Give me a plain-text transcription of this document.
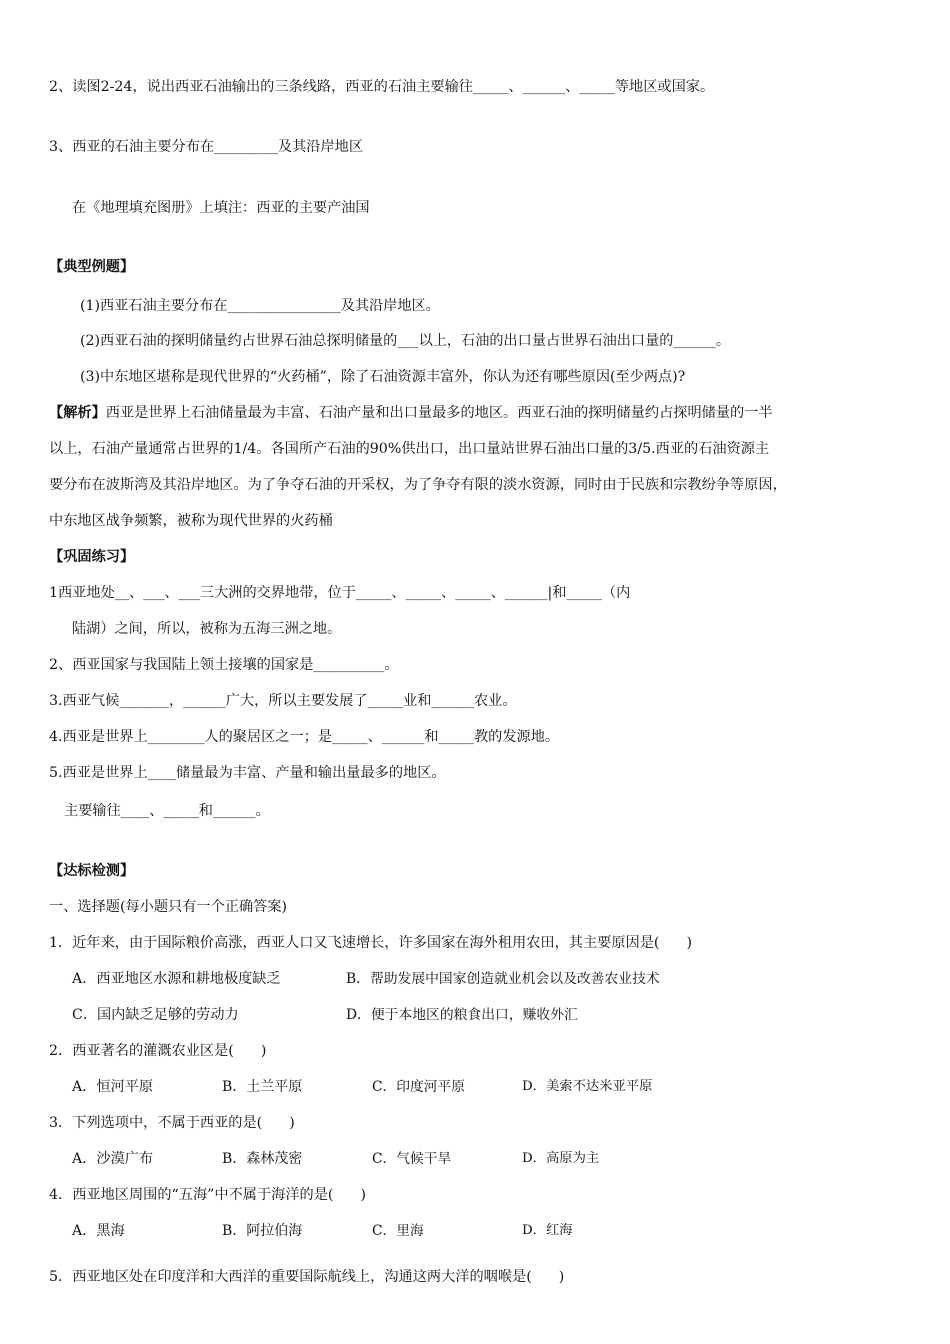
2、读图2-24，说出西亚石油输出的三条线路，西亚的石油主要输往_____、______、_____等地区或国家。
3、西亚的石油主要分布在_________及其沿岸地区
在《地理填充图册》上填注：西亚的主要产油国
【典型例题】
(1)西亚石油主要分布在________________及其沿岸地区。
(2)西亚石油的探明储量约占世界石油总探明储量的___以上，石油的出口量占世界石油出口量的______。
(3)中东地区堪称是现代世界的“火药桶”，除了石油资源丰富外，你认为还有哪些原因(至少两点)?
【解析】西亚是世界上石油储量最为丰富、石油产量和出口量最多的地区。西亚石油的探明储量约占探明储量的一半
以上，石油产量通常占世界的1/4。各国所产石油的90%供出口，出口量站世界石油出口量的3/5.西亚的石油资源主
要分布在波斯湾及其沿岸地区。为了争夺石油的开采权，为了争夺有限的淡水资源，同时由于民族和宗教纷争等原因，
中东地区战争频繁，被称为现代世界的火药桶
【巩固练习】
1西亚地处__、___、___三大洲的交界地带，位于_____、_____、_____、______|和_____（内
陆湖）之间，所以，被称为五海三洲之地。
2、西亚国家与我国陆上领土接壤的国家是__________。
3.西亚气候_______，______广大，所以主要发展了_____业和______农业。
4.西亚是世界上________人的聚居区之一；是_____、______和_____教的发源地。
5.西亚是世界上____储量最为丰富、产量和输出量最多的地区。
主要输往____、_____和______。
【达标检测】
一、选择题(每小题只有一个正确答案)
1．近年来，由于国际粮价高涨，西亚人口又飞速增长，许多国家在海外租用农田，其主要原因是(      )
A．西亚地区水源和耕地极度缺乏	B．帮助发展中国家创造就业机会以及改善农业技术
C．国内缺乏足够的劳动力	D．便于本地区的粮食出口，赚收外汇
2．西亚著名的灌溉农业区是(      )
A．恒河平原	B．土兰平原	C．印度河平原	D．美索不达米亚平原
3．下列选项中，不属于西亚的是(      )
A．沙漠广布	B．森林茂密	C．气候干旱	D．高原为主
4．西亚地区周围的“五海”中不属于海洋的是(      )
A．黑海	B．阿拉伯海	C．里海	D．红海
5．西亚地区处在印度洋和大西洋的重要国际航线上，沟通这两大洋的咽喉是(      )
